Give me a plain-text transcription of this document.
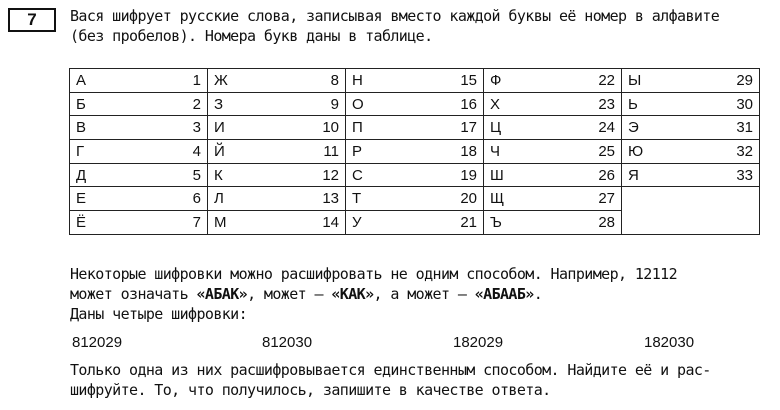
7	Вася шифрует русские слова, записывая вместо каждой буквы её номер в алфавите
(без пробелов). Номера букв даны в таблице.
А 1	Ж 8	Н 15	Ф 22	Ы 29

Б 2	З 9	О 16	Х 23	Ь 30

В 3	И 10	П 17	Ц 24	Э 31

Г 4	Й 11	Р 18	Ч 25	Ю 32

Д 5	К 12	С 19	Ш 26	Я 33

Е 6	Л 13	Т 20	Щ 27	

Ё 7	М 14	У 21	Ъ 28	
Некоторые шифровки можно расшифровать не одним способом. Например, 12112
может означать «АБАК», может — «КАК», а может — «АБААБ».
Даны четыре шифровки:
812029	812030	182029	182030
Только одна из них расшифровывается единственным способом. Найдите её и рас-
шифруйте. То, что получилось, запишите в качестве ответа.
